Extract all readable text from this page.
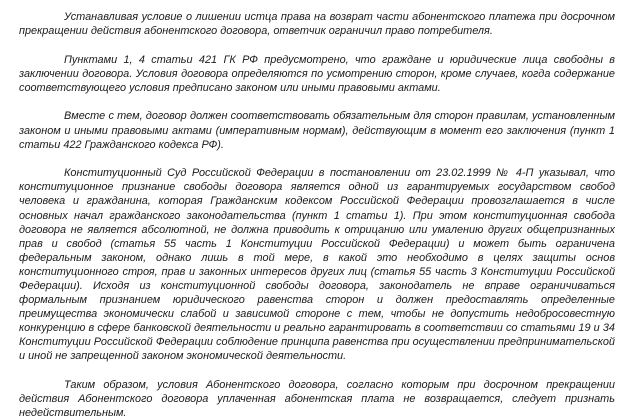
Устанавливая условие о лишении истца права на возврат части абонентского платежа при досрочном прекращении действия абонентского договора, ответчик ограничил право потребителя.

Пунктами 1, 4 статьи 421 ГК РФ предусмотрено, что граждане и юридические лица свободны в заключении договора. Условия договора определяются по усмотрению сторон, кроме случаев, когда содержание соответствующего условия предписано законом или иными правовыми актами.

Вместе с тем, договор должен соответствовать обязательным для сторон правилам, установленным законом и иными правовыми актами (императивным нормам), действующим в момент его заключения (пункт 1 статьи 422 Гражданского кодекса РФ).

Конституционный Суд Российской Федерации в постановлении от 23.02.1999 № 4-П указывал, что конституционное признание свободы договора является одной из гарантируемых государством свобод человека и гражданина, которая Гражданским кодексом Российской Федерации провозглашается в числе основных начал гражданского законодательства (пункт 1 статьи 1). При этом конституционная свобода договора не является абсолютной, не должна приводить к отрицанию или умалению других общепризнанных прав и свобод (статья 55 часть 1 Конституции Российской Федерации) и может быть ограничена федеральным законом, однако лишь в той мере, в какой это необходимо в целях защиты основ конституционного строя, прав и законных интересов других лиц (статья 55 часть 3 Конституции Российской Федерации). Исходя из конституционной свободы договора, законодатель не вправе ограничиваться формальным признанием юридического равенства сторон и должен предоставлять определенные преимущества экономически слабой и зависимой стороне с тем, чтобы не допустить недобросовестную конкуренцию в сфере банковской деятельности и реально гарантировать в соответствии со статьями 19 и 34 Конституции Российской Федерации соблюдение принципа равенства при осуществлении предпринимательской и иной не запрещенной законом экономической деятельности.

Таким образом, условия Абонентского договора, согласно которым при досрочном прекращении действия Абонентского договора уплаченная абонентская плата не возвращается, следует признать недействительным.
